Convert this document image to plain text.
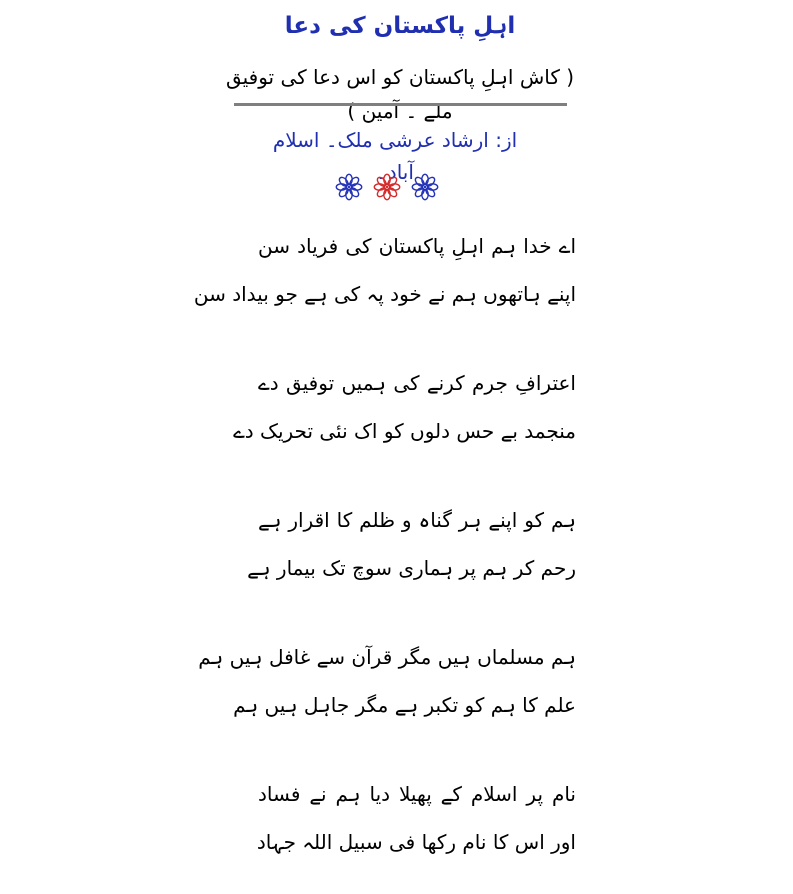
اہلِ پاکستان کی دعا
( کاش اہلِ پاکستان کو اس دعا کی توفیق ملے ۔ آمین )
از: ارشاد عرشی ملک۔ اسلام آباد۔
اے خدا ہم اہلِ پاکستان کی فریاد سن
اپنے ہاتھوں ہم نے خود پہ کی ہے جو بیداد سن
اعترافِ جرم کرنے کی ہمیں توفیق دے
منجمد بے حس دلوں کو اک نئی تحریک دے
ہم کو اپنے ہر گناہ و ظلم کا اقرار ہے
رحم کر ہم پر ہماری سوچ تک بیمار ہے
ہم مسلماں ہیں مگر قرآن سے غافل ہیں ہم
علم کا ہم کو تکبر ہے مگر جاہل ہیں ہم
نام پر اسلام کے پھیلا دیا ہم نے فساد
اور اس کا نام رکھا فی سبیل اللہ جہاد
